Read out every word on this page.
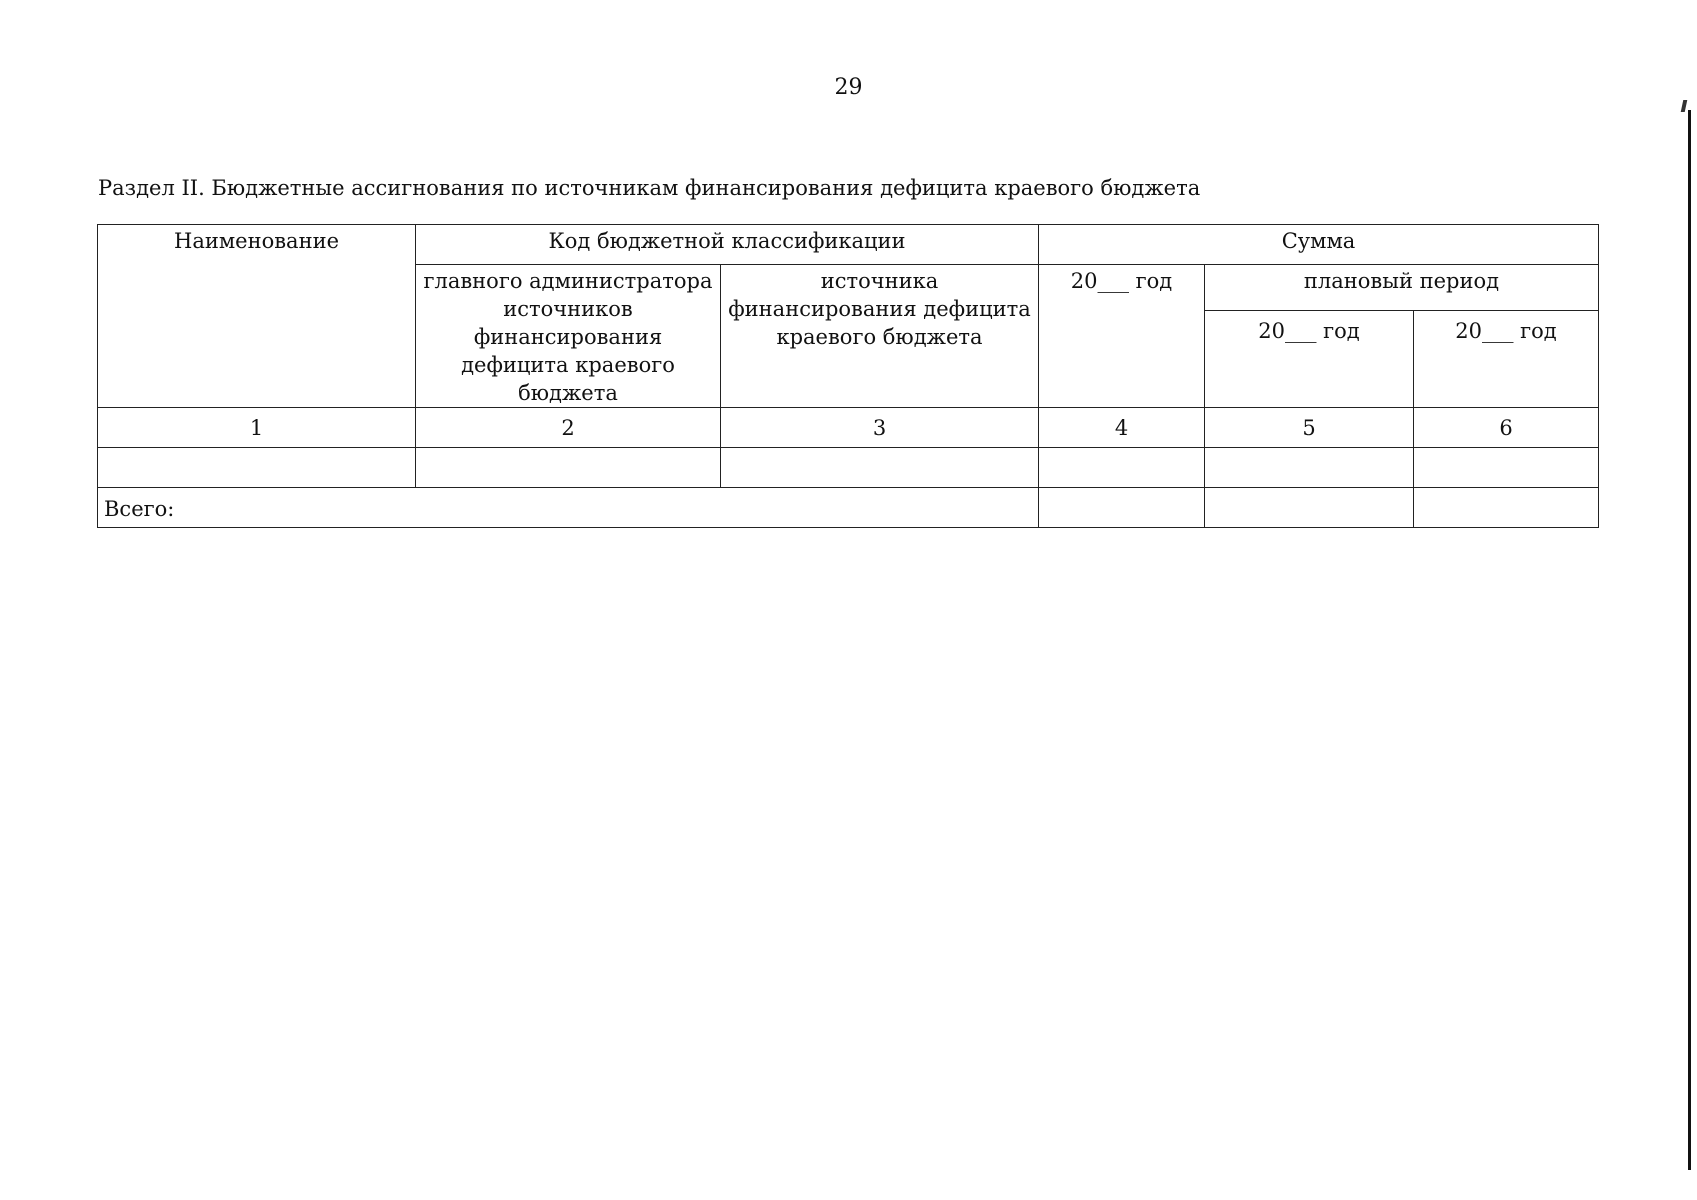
29
Раздел II. Бюджетные ассигнования по источникам финансирования дефицита краевого бюджета
Наименование	Код бюджетной классификации		Сумма		
	главного администратора источников финансирования дефицита краевого бюджета	источника финансирования дефицита краевого бюджета	20___ год	плановый период	
				20___ год	20___ год
1	2	3	4	5	6

Всего:					
